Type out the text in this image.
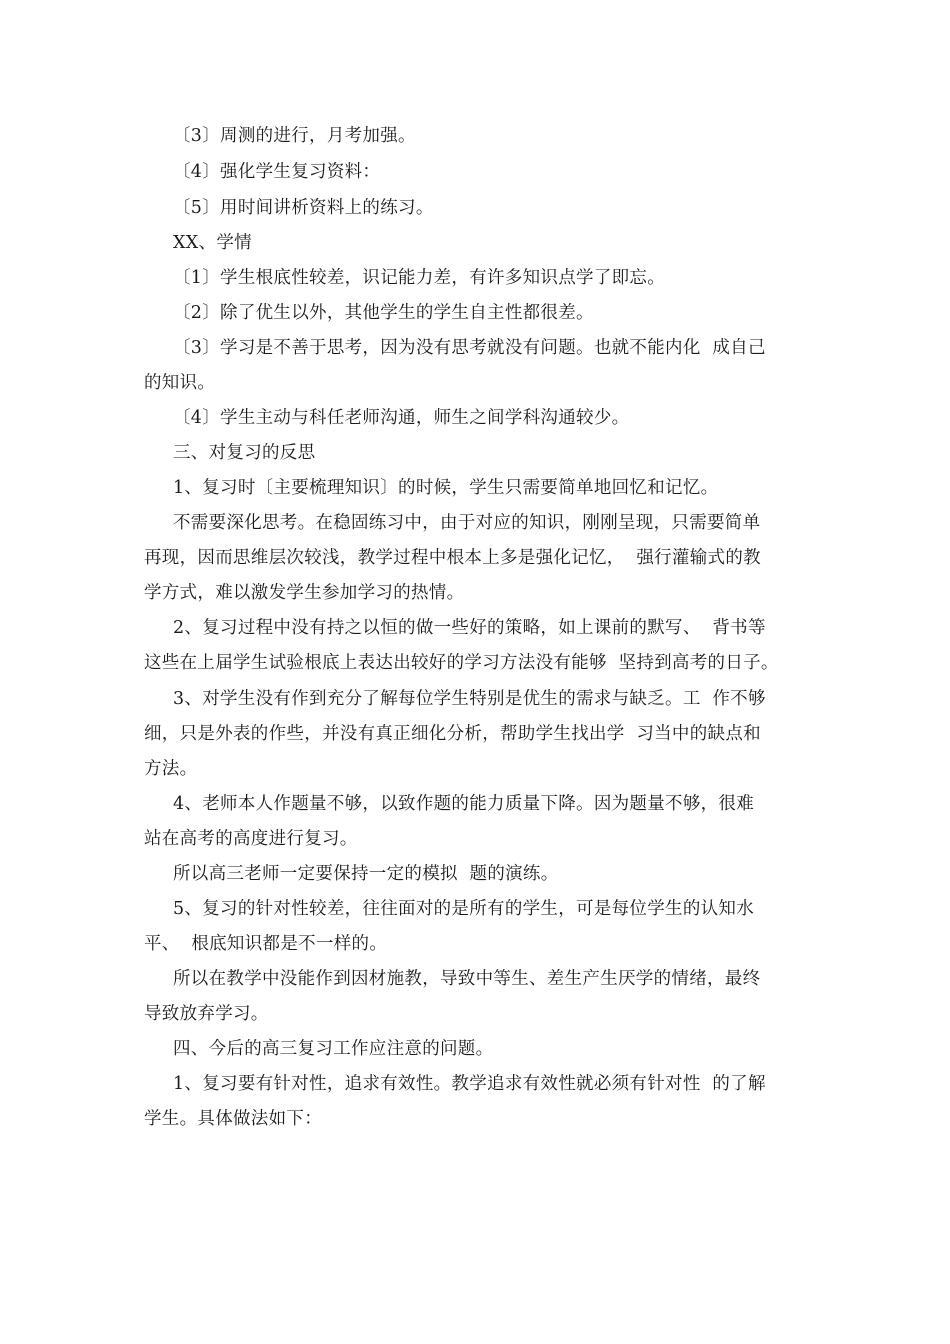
〔3〕周测的进行，月考加强。
〔4〕强化学生复习资料：
〔5〕用时间讲析资料上的练习。
XX、学情
〔1〕学生根底性较差，识记能力差，有许多知识点学了即忘。
〔2〕除了优生以外，其他学生的学生自主性都很差。
〔3〕学习是不善于思考，因为没有思考就没有问题。也就不能内化  成自己
的知识。
〔4〕学生主动与科任老师沟通，师生之间学科沟通较少。
三、对复习的反思
1、复习时〔主要梳理知识〕的时候，学生只需要简单地回忆和记忆。
不需要深化思考。在稳固练习中，由于对应的知识，刚刚呈现，只需要简单
再现，因而思维层次较浅，教学过程中根本上多是强化记忆，  强行灌输式的教
学方式，难以激发学生参加学习的热情。
2、复习过程中没有持之以恒的做一些好的策略，如上课前的默写、  背书等
这些在上届学生试验根底上表达出较好的学习方法没有能够  坚持到高考的日子。
3、对学生没有作到充分了解每位学生特别是优生的需求与缺乏。工  作不够
细，只是外表的作些，并没有真正细化分析，帮助学生找出学  习当中的缺点和
方法。
4、老师本人作题量不够，以致作题的能力质量下降。因为题量不够，很难
站在高考的高度进行复习。
所以高三老师一定要保持一定的模拟  题的演练。
5、复习的针对性较差，往往面对的是所有的学生，可是每位学生的认知水
平、  根底知识都是不一样的。
所以在教学中没能作到因材施教，导致中等生、差生产生厌学的情绪，最终
导致放弃学习。
四、今后的高三复习工作应注意的问题。
1、复习要有针对性，追求有效性。教学追求有效性就必须有针对性  的了解
学生。具体做法如下：
